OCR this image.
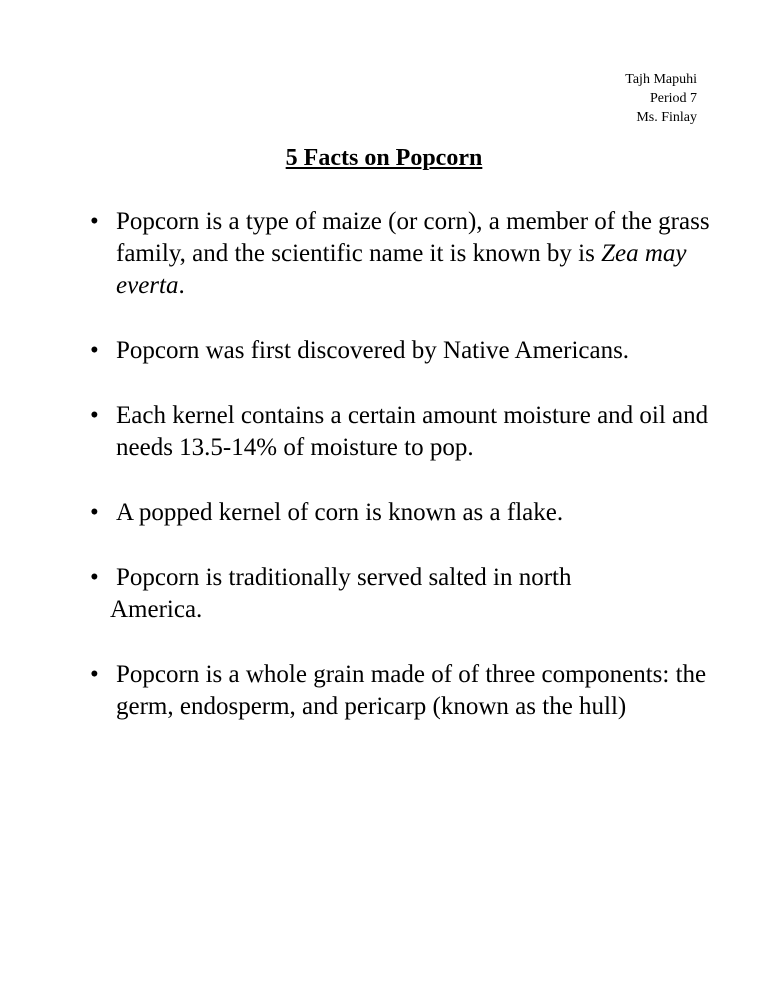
Tajh Mapuhi
Period 7
Ms. Finlay
5 Facts on Popcorn
• Popcorn is a type of maize (or corn), a member of the grass family, and the scientific name it is known by is Zea may everta.
• Popcorn was first discovered by Native Americans.
• Each kernel contains a certain amount moisture and oil and needs 13.5-14% of moisture to pop.
• A popped kernel of corn is known as a flake.
• Popcorn is traditionally served salted in north
America.
• Popcorn is a whole grain made of of three components: the germ, endosperm, and pericarp (known as the hull)
